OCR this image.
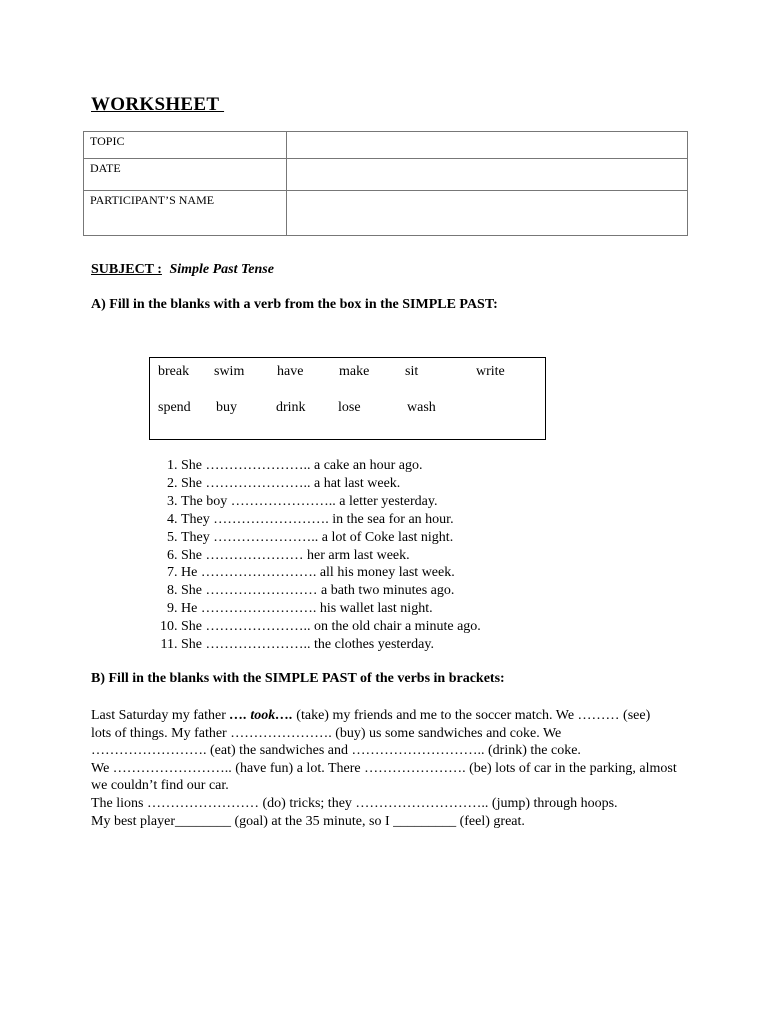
WORKSHEET
TOPIC	
DATE	
PARTICIPANT’S NAME	
SUBJECT : Simple Past Tense
A) Fill in the blanks with a verb from the box in the SIMPLE PAST:
break swim have	make	sit	write
spend buy	drink lose	wash
1. She ………………….. a cake an hour ago.
2. She ………………….. a hat last week.
3. The boy ………………….. a letter yesterday.
4. They ……………………. in the sea for an hour.
5. They ………………….. a lot of Coke last night.
6. She ………………… her arm last week.
7. He ……………………. all his money last week.
8. She …………………… a bath two minutes ago.
9. He ……………………. his wallet last night.
10. She ………………….. on the old chair a minute ago.
11. She ………………….. the clothes yesterday.
B) Fill in the blanks with the SIMPLE PAST of the verbs in brackets:

Last Saturday my father …. took…. (take) my friends and me to the soccer match. We ……… (see)

lots of things. My father …………………. (buy) us some sandwiches and coke. We

……………………. (eat) the sandwiches and ……………………….. (drink) the coke.

We …………………….. (have fun) a lot. There …………………. (be) lots of car in the parking, almost we couldn’t find our car.

The lions …………………… (do) tricks; they ……………………….. (jump) through hoops.

My best player________ (goal) at the 35 minute, so I _________ (feel) great.
